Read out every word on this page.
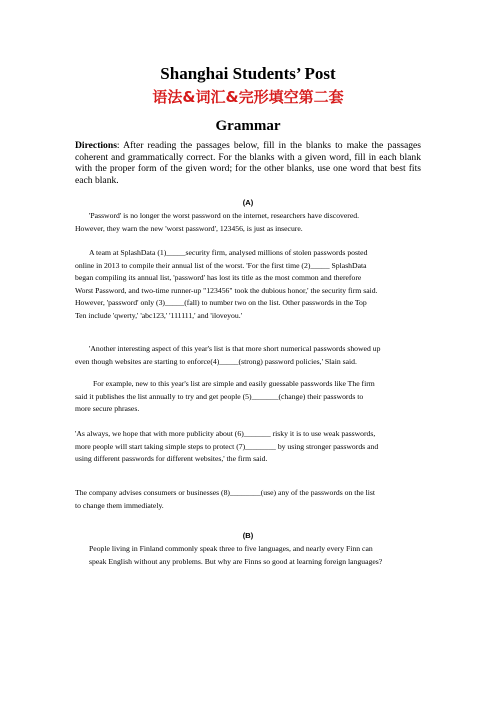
Shanghai Students’ Post
语法&词汇&完形填空第二套
Grammar
Directions: After reading the passages below, fill in the blanks to make the passages coherent and grammatically correct. For the blanks with a given word, fill in each blank with the proper form of the given word; for the other blanks, use one word that best fits each blank.
(A)
'Password' is no longer the worst password on the internet, researchers have discovered.
However, they warn the new 'worst password', 123456, is just as insecure.
A team at SplashData (1)_____security firm, analysed millions of stolen passwords posted
online in 2013 to compile their annual list of the worst. 'For the first time (2)_____ SplashData
began compiling its annual list, 'password' has lost its title as the most common and therefore
Worst Password, and two-time runner-up "123456" took the dubious honor,' the security firm said.
However, 'password' only (3)_____(fall) to number two on the list. Other passwords in the Top
Ten include 'qwerty,' 'abc123,' '111111,' and 'iloveyou.'
'Another interesting aspect of this year's list is that more short numerical passwords showed up
even though websites are starting to enforce(4)_____(strong) password policies,' Slain said.
For example, new to this year's list are simple and easily guessable passwords like The firm
said it publishes the list annually to try and get people (5)_______(change) their passwords to
more secure phrases.
'As always, we hope that with more publicity about (6)_______ risky it is to use weak passwords,
more people will start taking simple steps to protect (7)________ by using stronger passwords and
using different passwords for different websites,' the firm said.
The company advises consumers or businesses (8)________(use) any of the passwords on the list
to change them immediately.
(B)
People living in Finland commonly speak three to five languages, and nearly every Finn can
speak English without any problems. But why are Finns so good at learning foreign languages?
